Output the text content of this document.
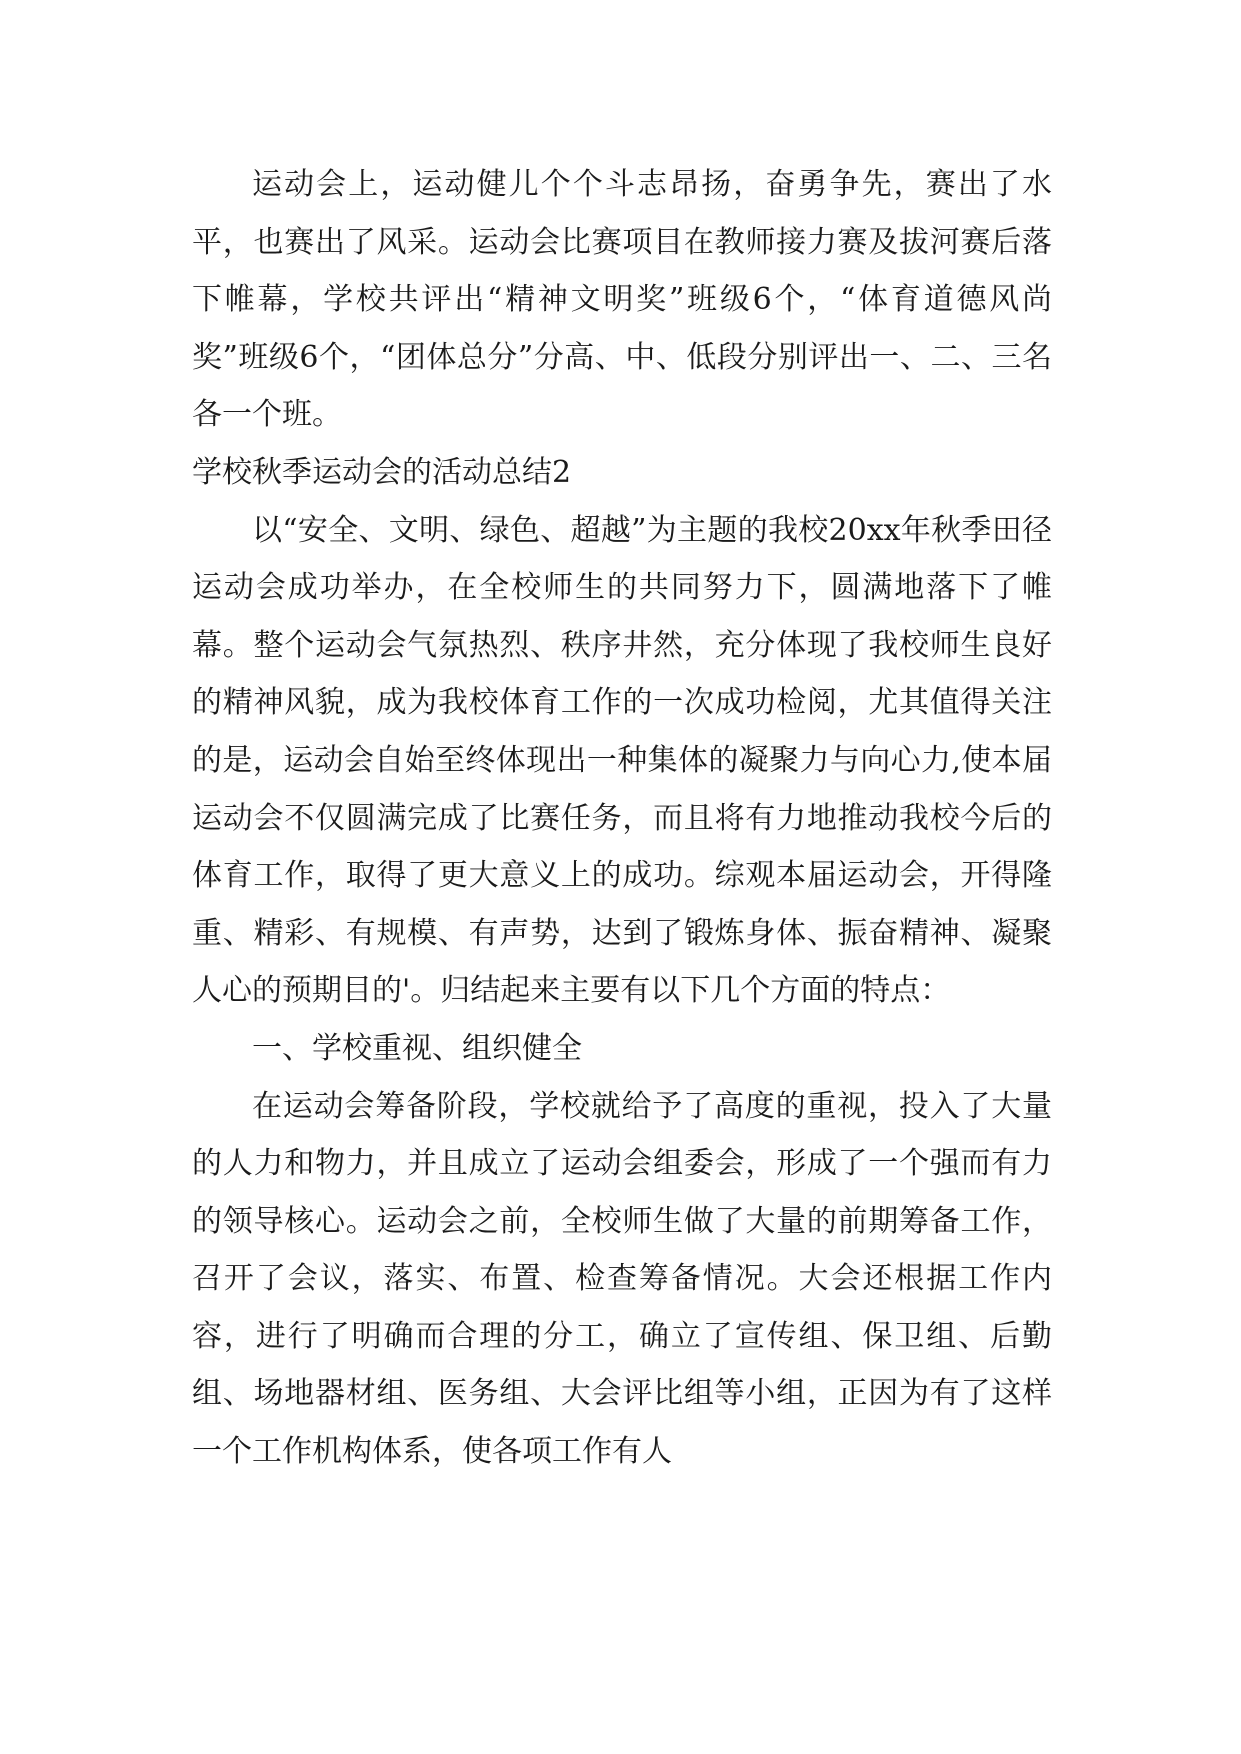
运动会上，运动健儿个个斗志昂扬，奋勇争先，赛出了水平，也赛出了风采。运动会比赛项目在教师接力赛及拔河赛后落下帷幕，学校共评出“精神文明奖”班级6个，“体育道德风尚奖”班级6个，“团体总分”分高、中、低段分别评出一、二、三名各一个班。

学校秋季运动会的活动总结2

以“安全、文明、绿色、超越”为主题的我校20xx年秋季田径运动会成功举办，在全校师生的共同努力下，圆满地落下了帷幕。整个运动会气氛热烈、秩序井然，充分体现了我校师生良好的精神风貌，成为我校体育工作的一次成功检阅，尤其值得关注的是，运动会自始至终体现出一种集体的凝聚力与向心力,使本届运动会不仅圆满完成了比赛任务，而且将有力地推动我校今后的体育工作，取得了更大意义上的成功。综观本届运动会，开得隆重、精彩、有规模、有声势，达到了锻炼身体、振奋精神、凝聚人心的预期目的'。归结起来主要有以下几个方面的特点：

一、学校重视、组织健全

在运动会筹备阶段，学校就给予了高度的重视，投入了大量的人力和物力，并且成立了运动会组委会，形成了一个强而有力的领导核心。运动会之前，全校师生做了大量的前期筹备工作，召开了会议，落实、布置、检查筹备情况。大会还根据工作内容，进行了明确而合理的分工，确立了宣传组、保卫组、后勤组、场地器材组、医务组、大会评比组等小组，正因为有了这样一个工作机构体系，使各项工作有人
